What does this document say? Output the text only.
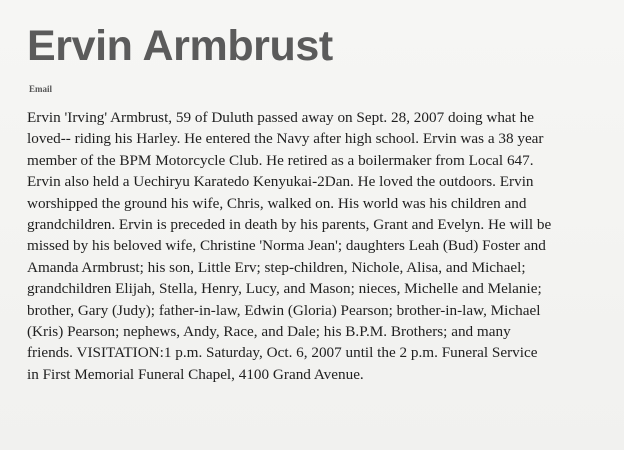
Ervin Armbrust
Email

Ervin 'Irving' Armbrust, 59 of Duluth passed away on Sept. 28, 2007 doing what he
loved-- riding his Harley. He entered the Navy after high school. Ervin was a 38 year
member of the BPM Motorcycle Club. He retired as a boilermaker from Local 647.
Ervin also held a Uechiryu Karatedo Kenyukai-2Dan. He loved the outdoors. Ervin
worshipped the ground his wife, Chris, walked on. His world was his children and
grandchildren. Ervin is preceded in death by his parents, Grant and Evelyn. He will be
missed by his beloved wife, Christine 'Norma Jean'; daughters Leah (Bud) Foster and
Amanda Armbrust; his son, Little Erv; step-children, Nichole, Alisa, and Michael;
grandchildren Elijah, Stella, Henry, Lucy, and Mason; nieces, Michelle and Melanie;
brother, Gary (Judy); father-in-law, Edwin (Gloria) Pearson; brother-in-law, Michael
(Kris) Pearson; nephews, Andy, Race, and Dale; his B.P.M. Brothers; and many
friends. VISITATION:1 p.m. Saturday, Oct. 6, 2007 until the 2 p.m. Funeral Service
in First Memorial Funeral Chapel, 4100 Grand Avenue.
